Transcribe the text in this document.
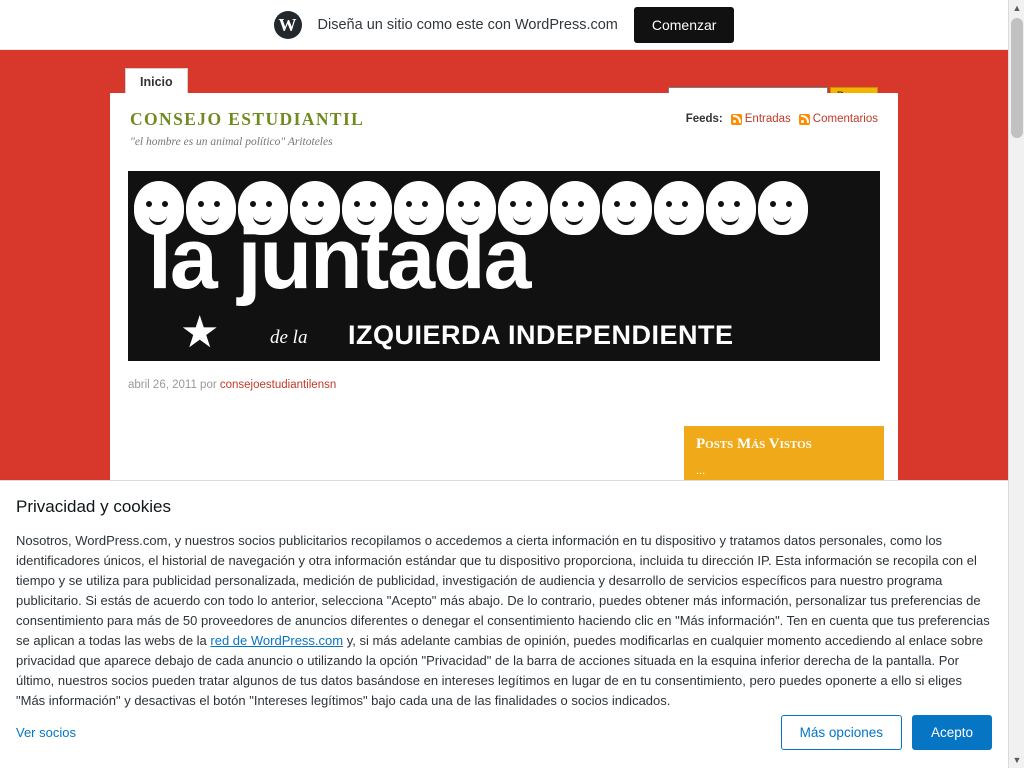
W
Diseña un sitio como este con WordPress.com	Comenzar
Inicio
CONSEJO ESTUDIANTIL

"el hombre es un animal político" Aritoteles

Feeds: Entradas Comentarios
la juntada
★	de la IZQUIERDA INDEPENDIENTE
abril 26, 2011 por consejoestudiantilensn
Posts Más Vistos
...
Privacidad y cookies

Nosotros, WordPress.com, y nuestros socios publicitarios recopilamos o accedemos a cierta información en tu dispositivo y tratamos datos personales, como los identificadores únicos, el historial de navegación y otra información estándar que tu dispositivo proporciona, incluida tu dirección IP. Esta información se recopila con el tiempo y se utiliza para publicidad personalizada, medición de publicidad, investigación de audiencia y desarrollo de servicios específicos para nuestro programa publicitario. Si estás de acuerdo con todo lo anterior, selecciona "Acepto" más abajo. De lo contrario, puedes obtener más información, personalizar tus preferencias de consentimiento para más de 50 proveedores de anuncios diferentes o denegar el consentimiento haciendo clic en "Más información". Ten en cuenta que tus preferencias se aplican a todas las webs de la red de WordPress.com y, si más adelante cambias de opinión, puedes modificarlas en cualquier momento accediendo al enlace sobre privacidad que aparece debajo de cada anuncio o utilizando la opción "Privacidad" de la barra de acciones situada en la esquina inferior derecha de la pantalla. Por último, nuestros socios pueden tratar algunos de tus datos basándose en intereses legítimos en lugar de en tu consentimiento, pero puedes oponerte a ello si eliges "Más información" y desactivas el botón "Intereses legítimos" bajo cada una de las finalidades o socios indicados.

Ver socios	Más opciones	Acepto
▲
▼
